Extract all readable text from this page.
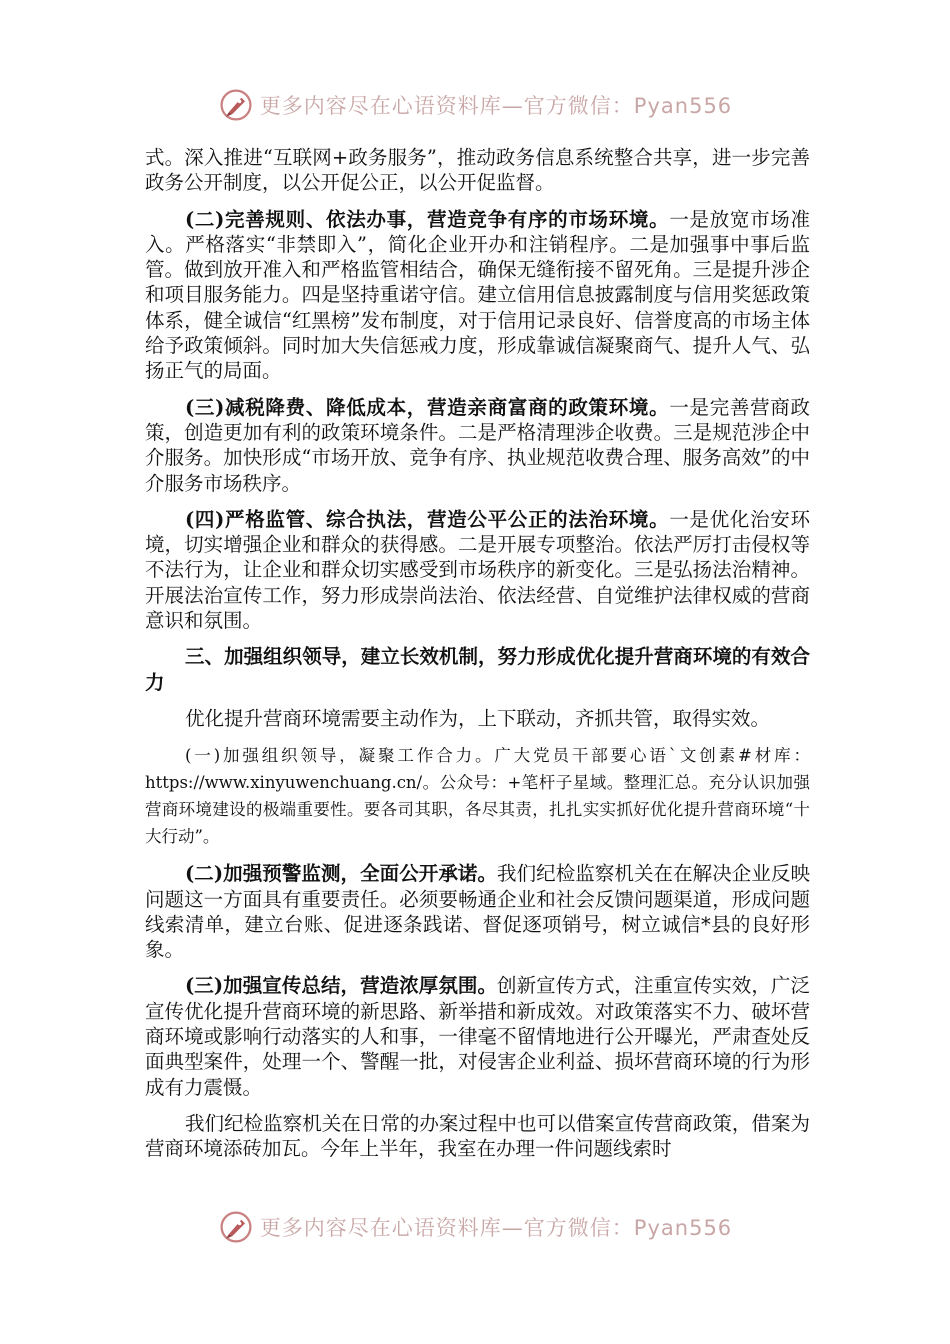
更多内容尽在心语资料库—官方微信：Pyan556

式。深入推进“互联网+政务服务”，推动政务信息系统整合共享，进一步完善政务公开制度，以公开促公正，以公开促监督。

(二)完善规则、依法办事，营造竞争有序的市场环境。一是放宽市场准入。严格落实“非禁即入”，简化企业开办和注销程序。二是加强事中事后监管。做到放开准入和严格监管相结合，确保无缝衔接不留死角。三是提升涉企和项目服务能力。四是坚持重诺守信。建立信用信息披露制度与信用奖惩政策体系，健全诚信“红黑榜”发布制度，对于信用记录良好、信誉度高的市场主体给予政策倾斜。同时加大失信惩戒力度，形成靠诚信凝聚商气、提升人气、弘扬正气的局面。

(三)减税降费、降低成本，营造亲商富商的政策环境。一是完善营商政策，创造更加有利的政策环境条件。二是严格清理涉企收费。三是规范涉企中介服务。加快形成“市场开放、竞争有序、执业规范收费合理、服务高效”的中介服务市场秩序。

(四)严格监管、综合执法，营造公平公正的法治环境。一是优化治安环境，切实增强企业和群众的获得感。二是开展专项整治。依法严厉打击侵权等不法行为，让企业和群众切实感受到市场秩序的新变化。三是弘扬法治精神。开展法治宣传工作，努力形成崇尚法治、依法经营、自觉维护法律权威的营商意识和氛围。

三、加强组织领导，建立长效机制，努力形成优化提升营商环境的有效合力

优化提升营商环境需要主动作为，上下联动，齐抓共管，取得实效。

(一)加强组织领导，凝聚工作合力。广大党员干部要心语`文创素#材库：https://www.xinyuwenchuang.cn/。公众号：+笔杆子星域。整理汇总。充分认识加强营商环境建设的极端重要性。要各司其职，各尽其责，扎扎实实抓好优化提升营商环境“十大行动”。

(二)加强预警监测，全面公开承诺。我们纪检监察机关在在解决企业反映问题这一方面具有重要责任。必须要畅通企业和社会反馈问题渠道，形成问题线索清单，建立台账、促进逐条践诺、督促逐项销号，树立诚信*县的良好形象。

(三)加强宣传总结，营造浓厚氛围。创新宣传方式，注重宣传实效，广泛宣传优化提升营商环境的新思路、新举措和新成效。对政策落实不力、破坏营商环境或影响行动落实的人和事，一律毫不留情地进行公开曝光，严肃查处反面典型案件，处理一个、警醒一批，对侵害企业利益、损坏营商环境的行为形成有力震慑。

我们纪检监察机关在日常的办案过程中也可以借案宣传营商政策，借案为营商环境添砖加瓦。今年上半年，我室在办理一件问题线索时

更多内容尽在心语资料库—官方微信：Pyan556
